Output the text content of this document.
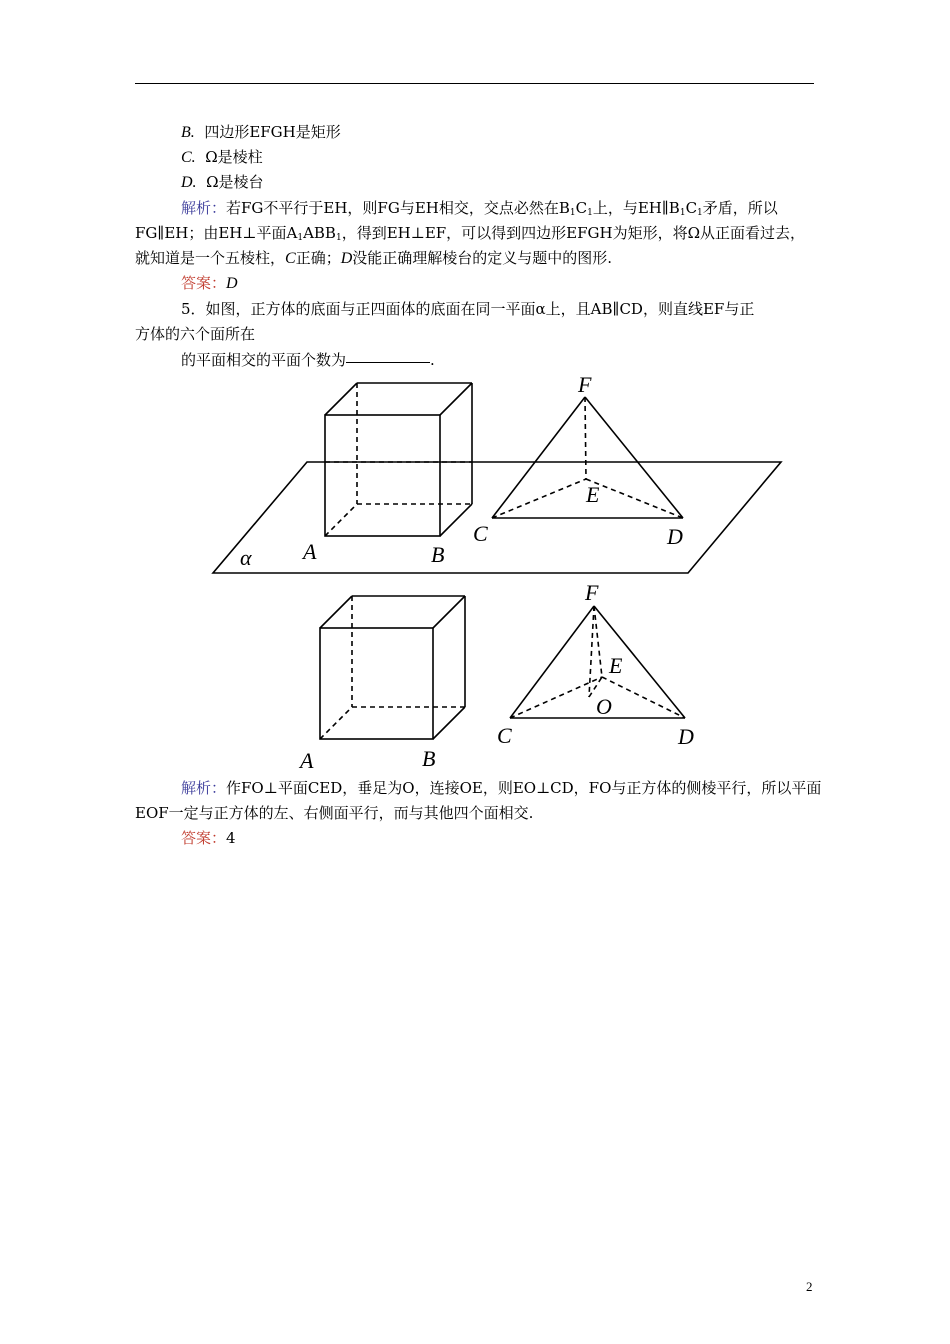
B. 四边形EFGH是矩形
C. Ω是棱柱
D. Ω是棱台
解析：若FG不平行于EH，则FG与EH相交，交点必然在$B_1C_1$上，与$EH\parallel B_1C_1$矛盾，所以
FG∥EH；由EH⊥平面$A_1ABB_1$，得到EH⊥EF，可以得到四边形EFGH为矩形，将Ω从正面看过去，
就知道是一个五棱柱，C正确；D没能正确理解棱台的定义与题中的图形.
答案：D
5．如图，正方体的底面与正四面体的底面在同一平面α上，且AB∥CD，则直线EF与正
方体的六个面所在
的平面相交的平面个数为	.
α A	B
C	D
E
F
A	B
C	D
E
F
O
解析：作FO⊥平面CED，垂足为O，连接OE，则EO⊥CD，FO与正方体的侧棱平行，所以平面
EOF一定与正方体的左、右侧面平行，而与其他四个面相交.
答案：4
2
